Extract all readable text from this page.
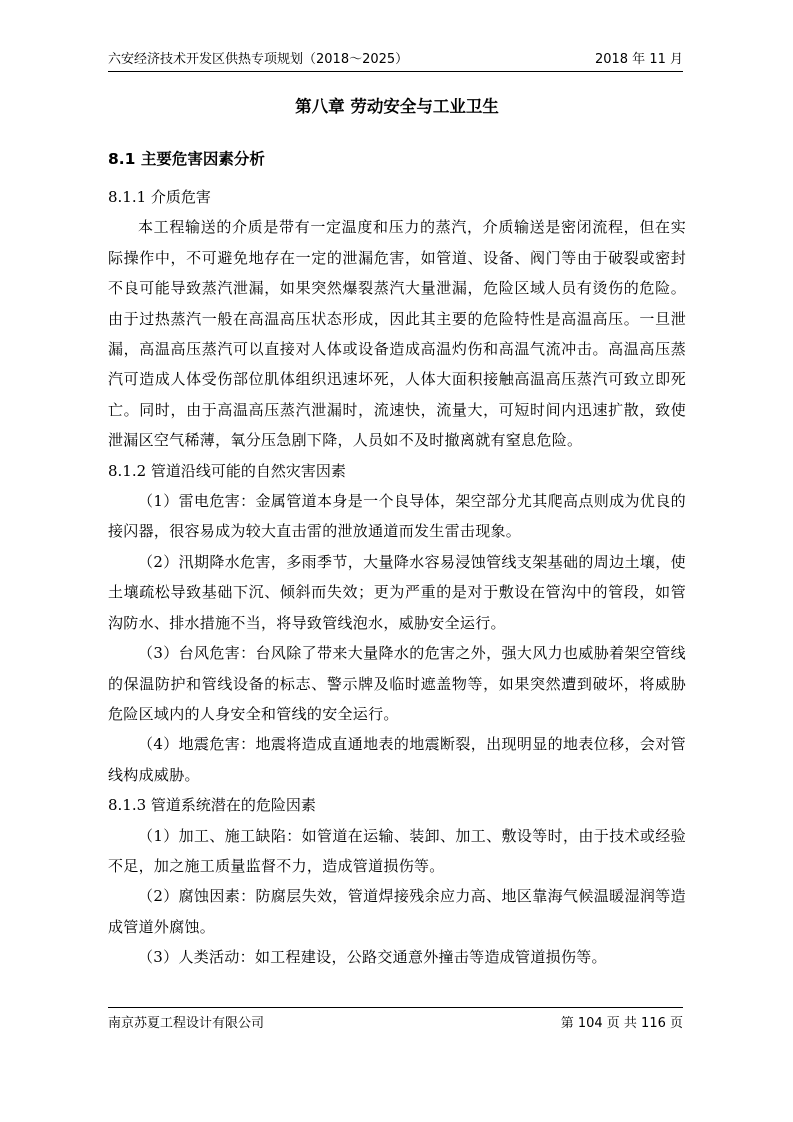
六安经济技术开发区供热专项规划（2018～2025）	2018 年 11 月
第八章 劳动安全与工业卫生
8.1 主要危害因素分析

8.1.1 介质危害

本工程输送的介质是带有一定温度和压力的蒸汽，介质输送是密闭流程，但在实际操作中，不可避免地存在一定的泄漏危害，如管道、设备、阀门等由于破裂或密封不良可能导致蒸汽泄漏，如果突然爆裂蒸汽大量泄漏，危险区域人员有烫伤的危险。由于过热蒸汽一般在高温高压状态形成，因此其主要的危险特性是高温高压。一旦泄漏，高温高压蒸汽可以直接对人体或设备造成高温灼伤和高温气流冲击。高温高压蒸汽可造成人体受伤部位肌体组织迅速坏死，人体大面积接触高温高压蒸汽可致立即死亡。同时，由于高温高压蒸汽泄漏时，流速快，流量大，可短时间内迅速扩散，致使泄漏区空气稀薄，氧分压急剧下降，人员如不及时撤离就有窒息危险。

8.1.2 管道沿线可能的自然灾害因素

（1）雷电危害：金属管道本身是一个良导体，架空部分尤其爬高点则成为优良的接闪器，很容易成为较大直击雷的泄放通道而发生雷击现象。

（2）汛期降水危害，多雨季节，大量降水容易浸蚀管线支架基础的周边土壤，使土壤疏松导致基础下沉、倾斜而失效；更为严重的是对于敷设在管沟中的管段，如管沟防水、排水措施不当，将导致管线泡水，威胁安全运行。

（3）台风危害：台风除了带来大量降水的危害之外，强大风力也威胁着架空管线的保温防护和管线设备的标志、警示牌及临时遮盖物等，如果突然遭到破坏，将威胁危险区域内的人身安全和管线的安全运行。

（4）地震危害：地震将造成直通地表的地震断裂，出现明显的地表位移，会对管线构成威胁。

8.1.3 管道系统潜在的危险因素

（1）加工、施工缺陷：如管道在运输、装卸、加工、敷设等时，由于技术或经验不足，加之施工质量监督不力，造成管道损伤等。

（2）腐蚀因素：防腐层失效，管道焊接残余应力高、地区靠海气候温暖湿润等造成管道外腐蚀。

（3）人类活动：如工程建设，公路交通意外撞击等造成管道损伤等。

南京苏夏工程设计有限公司	第 104 页 共 116 页
